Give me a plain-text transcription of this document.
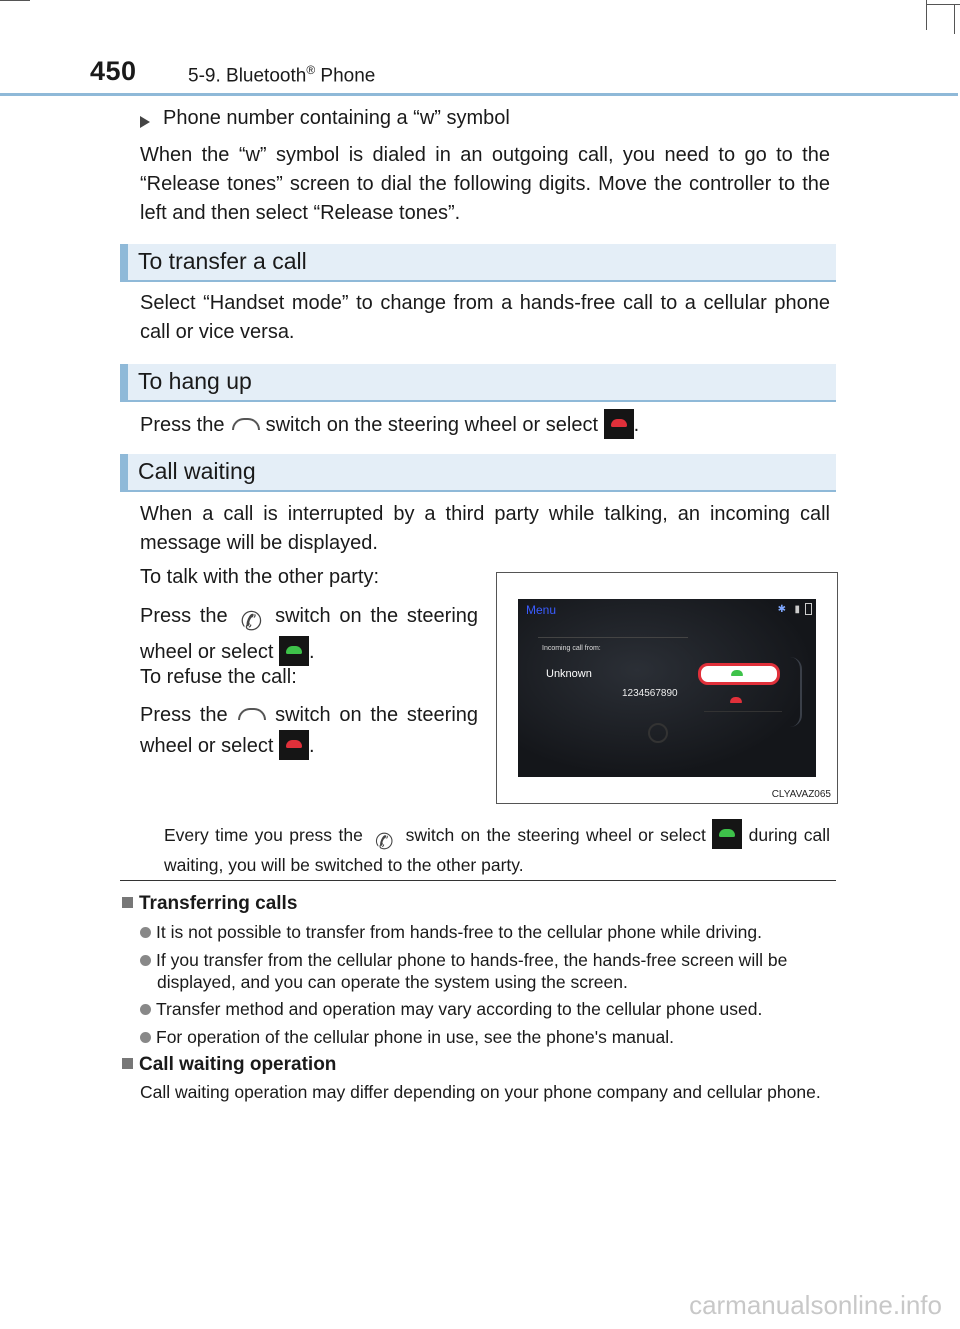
450	5-9. Bluetooth® Phone
Phone number containing a “w” symbol
When the “w” symbol is dialed in an outgoing call, you need to go to the “Release tones” screen to dial the following digits. Move the controller to the left and then select “Release tones”.
To transfer a call
Select “Handset mode” to change from a hands-free call to a cellular phone call or vice versa.
To hang up
Press the
switch on the steering wheel or select
.
Call waiting
When a call is interrupted by a third party while talking, an incoming call message will be displayed.
To talk with the other party:
Press the ✆ switch on the steering wheel or select
.
To refuse the call:
Press the
switch on the steering wheel or select
.
Menu	✱ ▮
Incoming call from:
Unknown
1234567890
CLYAVAZ065
Every time you press the ✆ switch on the steering wheel or select
during call waiting, you will be switched to the other party.
Transferring calls
It is not possible to transfer from hands-free to the cellular phone while driving.
If you transfer from the cellular phone to hands-free, the hands-free screen will be displayed, and you can operate the system using the screen.
Transfer method and operation may vary according to the cellular phone used.
For operation of the cellular phone in use, see the phone's manual.
Call waiting operation
Call waiting operation may differ depending on your phone company and cellular phone.
carmanualsonline.info
